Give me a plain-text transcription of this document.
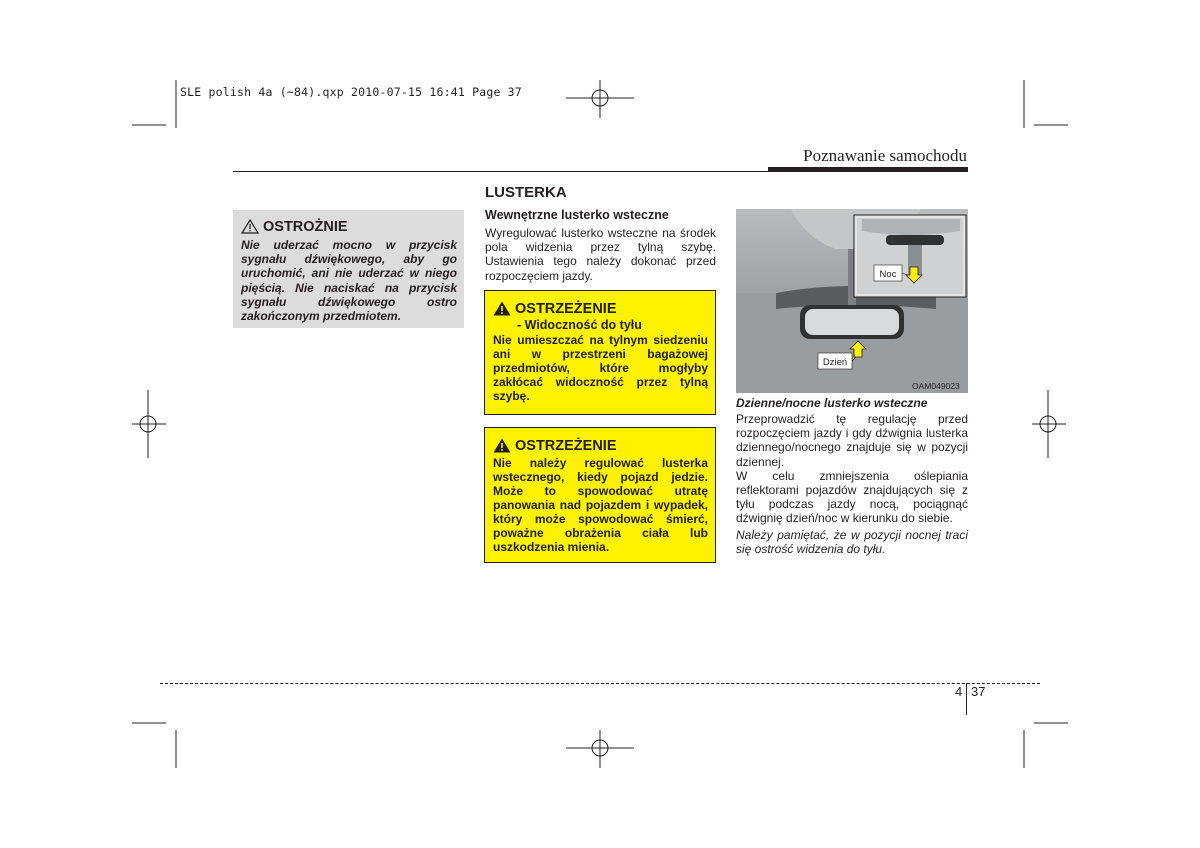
SLE polish 4a (~84).qxp 2010-07-15 16:41 Page 37
Poznawanie samochodu
OSTROŻNIE
Nie uderzać mocno w przycisk sygnału dźwiękowego, aby go uruchomić, ani nie uderzać w niego pięścią. Nie naciskać na przycisk sygnału dźwiękowego ostro zakończonym przedmiotem.
LUSTERKA
Wewnętrzne lusterko wsteczne
Wyregulować lusterko wsteczne na środek pola widzenia przez tylną szybę. Ustawienia tego należy dokonać przed rozpoczęciem jazdy.
OSTRZEŻENIE
- Widoczność do tyłu
Nie umieszczać na tylnym siedzeniu ani w przestrzeni bagażowej przedmiotów, które mogłyby zakłócać widoczność przez tylną szybę.
OSTRZEŻENIE
Nie należy regulować lusterka wstecznego, kiedy pojazd jedzie. Może to spowodować utratę panowania nad pojazdem i wypadek, który może spowodować śmierć, poważne obrażenia ciała lub uszkodzenia mienia.
Noc
Dzień
OAM049023
Dzienne/nocne lusterko wsteczne

Przeprowadzić tę regulację przed rozpoczęciem jazdy i gdy dźwignia lusterka dziennego/nocnego znajduje się w pozycji dziennej.

W celu zmniejszenia oślepiania reflektorami pojazdów znajdujących się z tyłu podczas jazdy nocą, pociągnąć dźwignię dzień/noc w kierunku do siebie.

Należy pamiętać, że w pozycji nocnej traci się ostrość widzenia do tyłu.
4 37
